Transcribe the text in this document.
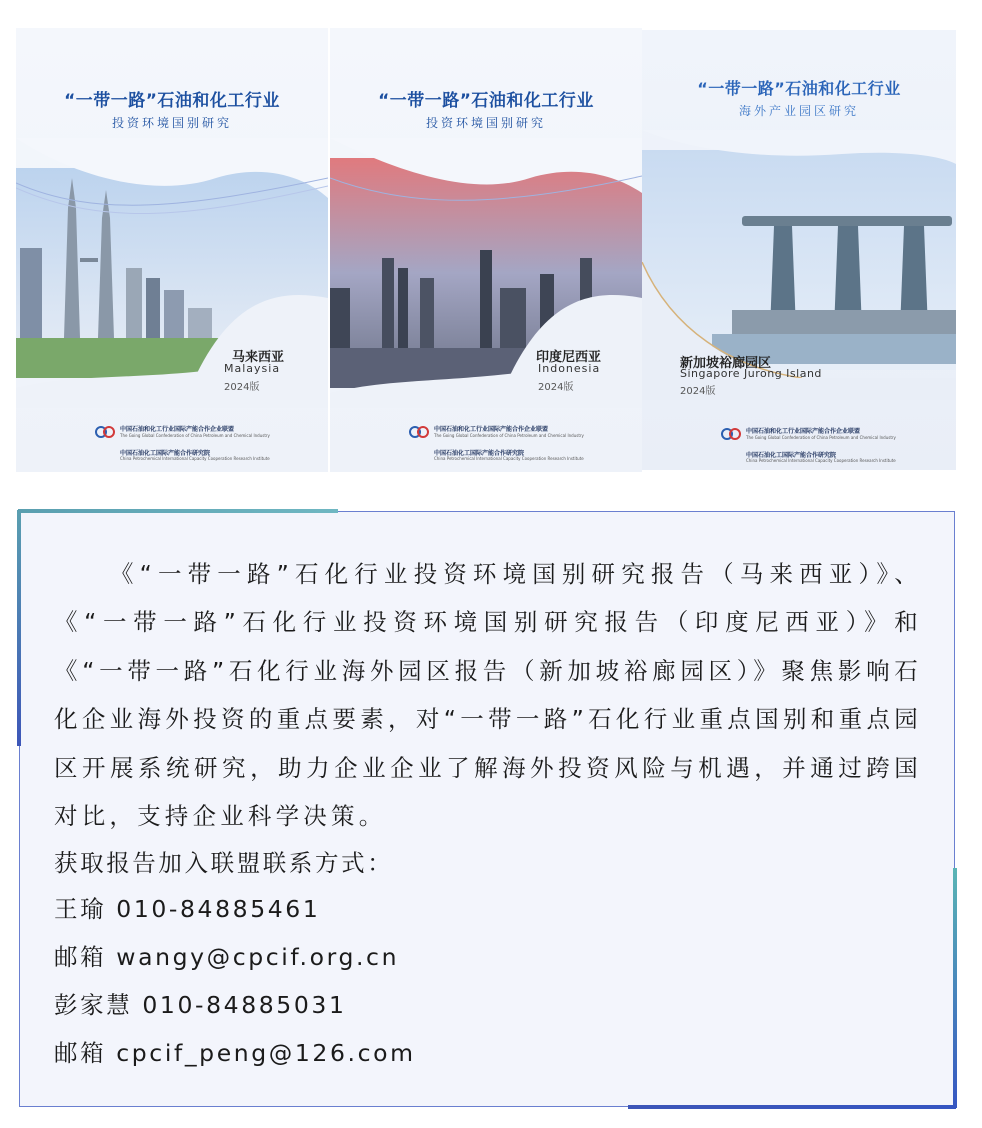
“一带一路”石油和化工行业
投资环境国别研究
马来西亚
Malaysia
2024版
中国石油和化工行业国际产能合作企业联盟
The Going Global Confederation of China Petroleum and Chemical Industry
中国石油化工国际产能合作研究院
China Petrochemical International Capacity Cooperation Research Institute
“一带一路”石油和化工行业
投资环境国别研究
印度尼西亚
Indonesia
2024版
中国石油和化工行业国际产能合作企业联盟
The Going Global Confederation of China Petroleum and Chemical Industry
中国石油化工国际产能合作研究院
China Petrochemical International Capacity Cooperation Research Institute
“一带一路”石油和化工行业
海外产业园区研究
新加坡裕廊园区
Singapore Jurong Island
2024版
中国石油和化工行业国际产能合作企业联盟
The Going Global Confederation of China Petroleum and Chemical Industry
中国石油化工国际产能合作研究院
China Petrochemical International Capacity Cooperation Research Institute

《“一带一路”石化行业投资环境国别研究报告（马来西亚）》、《“一带一路”石化行业投资环境国别研究报告（印度尼西亚）》和《“一带一路”石化行业海外园区报告（新加坡裕廊园区）》聚焦影响石化企业海外投资的重点要素，对“一带一路”石化行业重点国别和重点园区开展系统研究，助力企业企业了解海外投资风险与机遇，并通过跨国对比，支持企业科学决策。

获取报告加入联盟联系方式：

王瑜 010-84885461

邮箱 wangy@cpcif.org.cn

彭家慧 010-84885031

邮箱 cpcif_peng@126.com
